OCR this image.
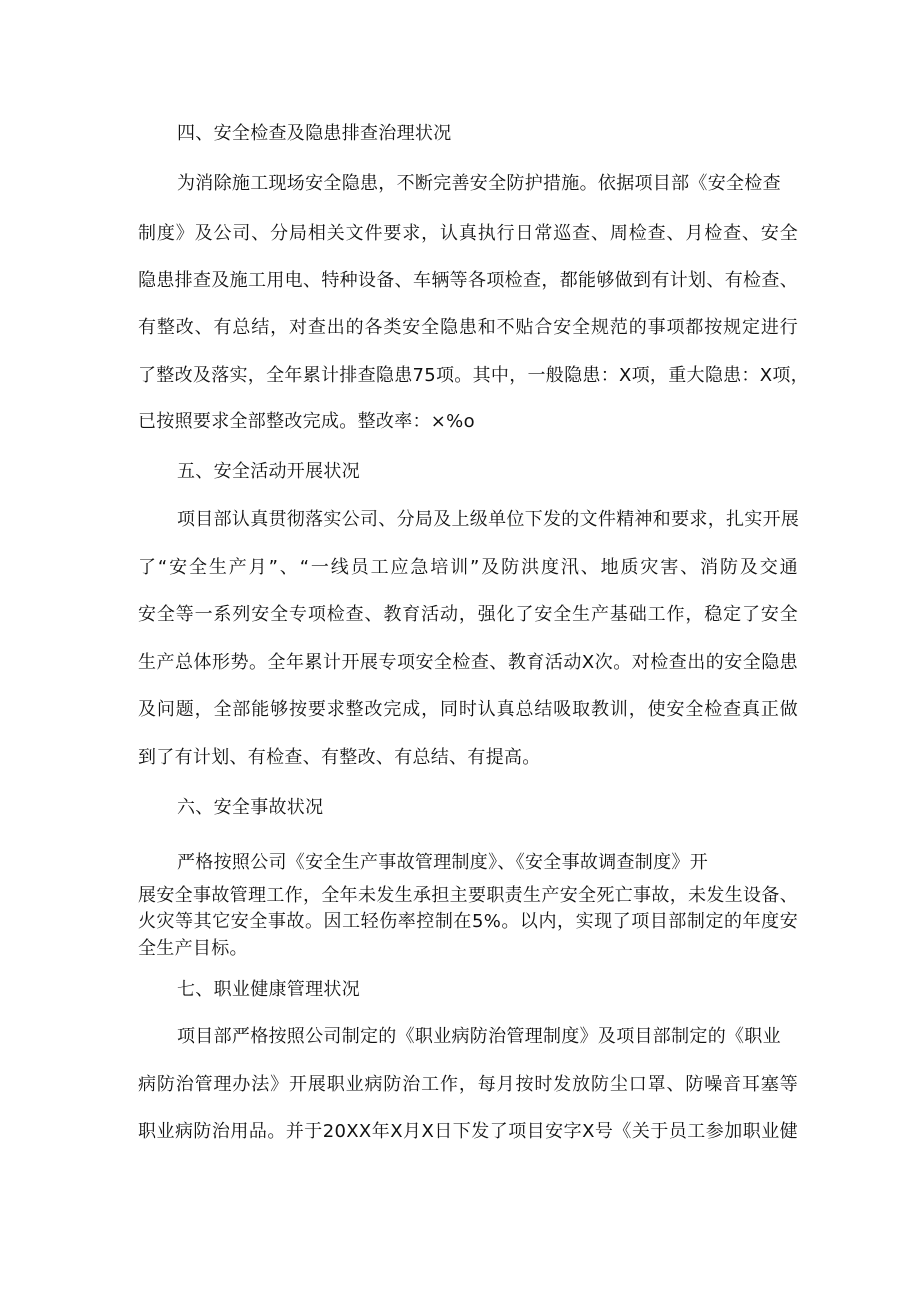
四、安全检查及隐患排查治理状况
为消除施工现场安全隐患，不断完善安全防护措施。依据项目部《安全检查
制度》及公司、分局相关文件要求，认真执行日常巡查、周检查、月检查、安全
隐患排查及施工用电、特种设备、车辆等各项检查，都能够做到有计划、有检查、
有整改、有总结，对查出的各类安全隐患和不贴合安全规范的事项都按规定进行
了整改及落实，全年累计排查隐患75项。其中，一般隐患：X项，重大隐患：X项，
已按照要求全部整改完成。整改率：×%o
五、安全活动开展状况
项目部认真贯彻落实公司、分局及上级单位下发的文件精神和要求，扎实开展
了“安全生产月”、“一线员工应急培训”及防洪度汛、地质灾害、消防及交通
安全等一系列安全专项检查、教育活动，强化了安全生产基础工作，稳定了安全
生产总体形势。全年累计开展专项安全检查、教育活动X次。对检查出的安全隐患
及问题，全部能够按要求整改完成，同时认真总结吸取教训，使安全检查真正做
到了有计划、有检查、有整改、有总结、有提高。
六、安全事故状况
严格按照公司《安全生产事故管理制度》、《安全事故调查制度》开
展安全事故管理工作，全年未发生承担主要职责生产安全死亡事故，未发生设备、
火灾等其它安全事故。因工轻伤率控制在5%。以内，实现了项目部制定的年度安
全生产目标。
七、职业健康管理状况
项目部严格按照公司制定的《职业病防治管理制度》及项目部制定的《职业
病防治管理办法》开展职业病防治工作，每月按时发放防尘口罩、防噪音耳塞等
职业病防治用品。并于20XX年X月X日下发了项目安字X号《关于员工参加职业健
